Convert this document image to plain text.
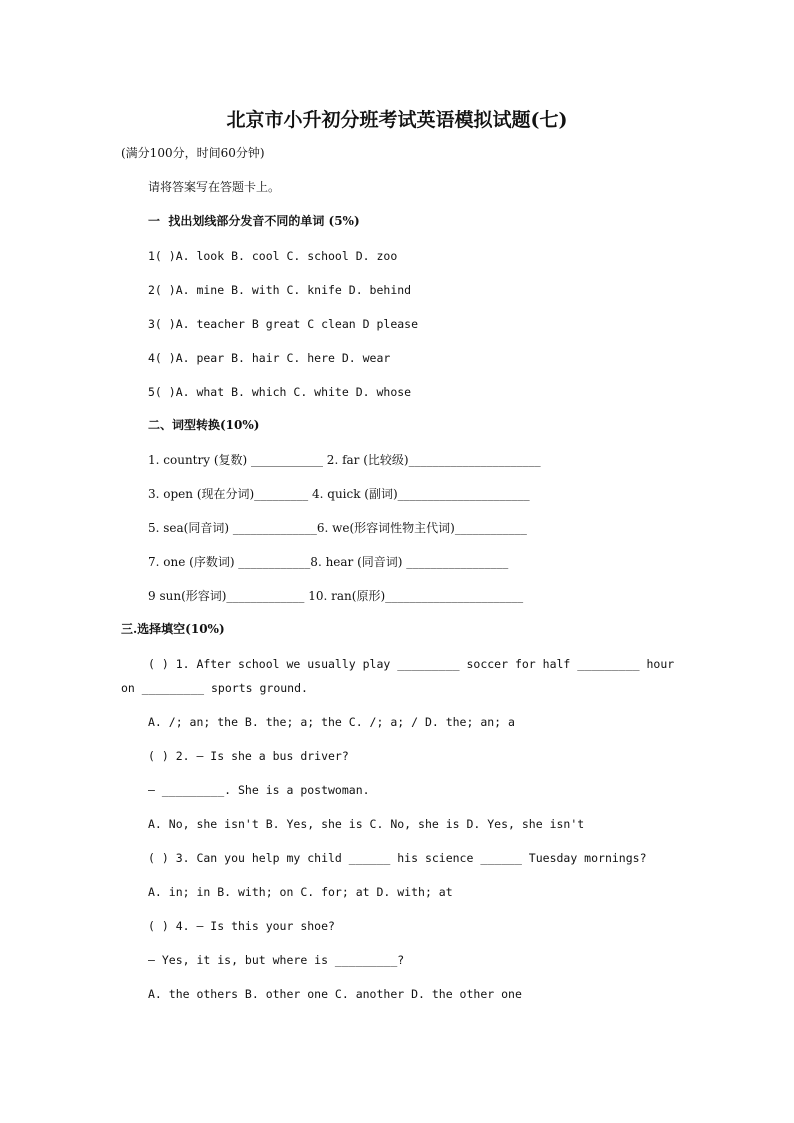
北京市小升初分班考试英语模拟试题(七)
(满分100分，时间60分钟)
请将答案写在答题卡上。
一  找出划线部分发音不同的单词 (5%)
1( )A. look B. cool C. school D. zoo
2( )A. mine B. with C. knife D. behind
3( )A. teacher B great C clean D please
4( )A. pear B. hair C. here D. wear
5( )A. what B. which C. white D. whose
二、词型转换(10%)
1. country (复数) ____________ 2. far (比较级)______________________
3. open (现在分词)_________ 4. quick (副词)______________________
5. sea(同音词) ______________6. we(形容词性物主代词)____________
7. one (序数词) ____________8. hear (同音词) _________________
9 sun(形容词)_____________ 10. ran(原形)_______________________
三.选择填空(10%)
( ) 1. After school we usually play _________ soccer for half _________ hour
on _________ sports ground.
A. /; an; the B. the; a; the C. /; a; / D. the; an; a
( ) 2. — Is she a bus driver?
— _________. She is a postwoman.
A. No, she isn't B. Yes, she is C. No, she is D. Yes, she isn't
( ) 3. Can you help my child ______ his science ______ Tuesday mornings?
A. in; in B. with; on C. for; at D. with; at
( ) 4. — Is this your shoe?
— Yes, it is, but where is _________?
A. the others B. other one C. another D. the other one
